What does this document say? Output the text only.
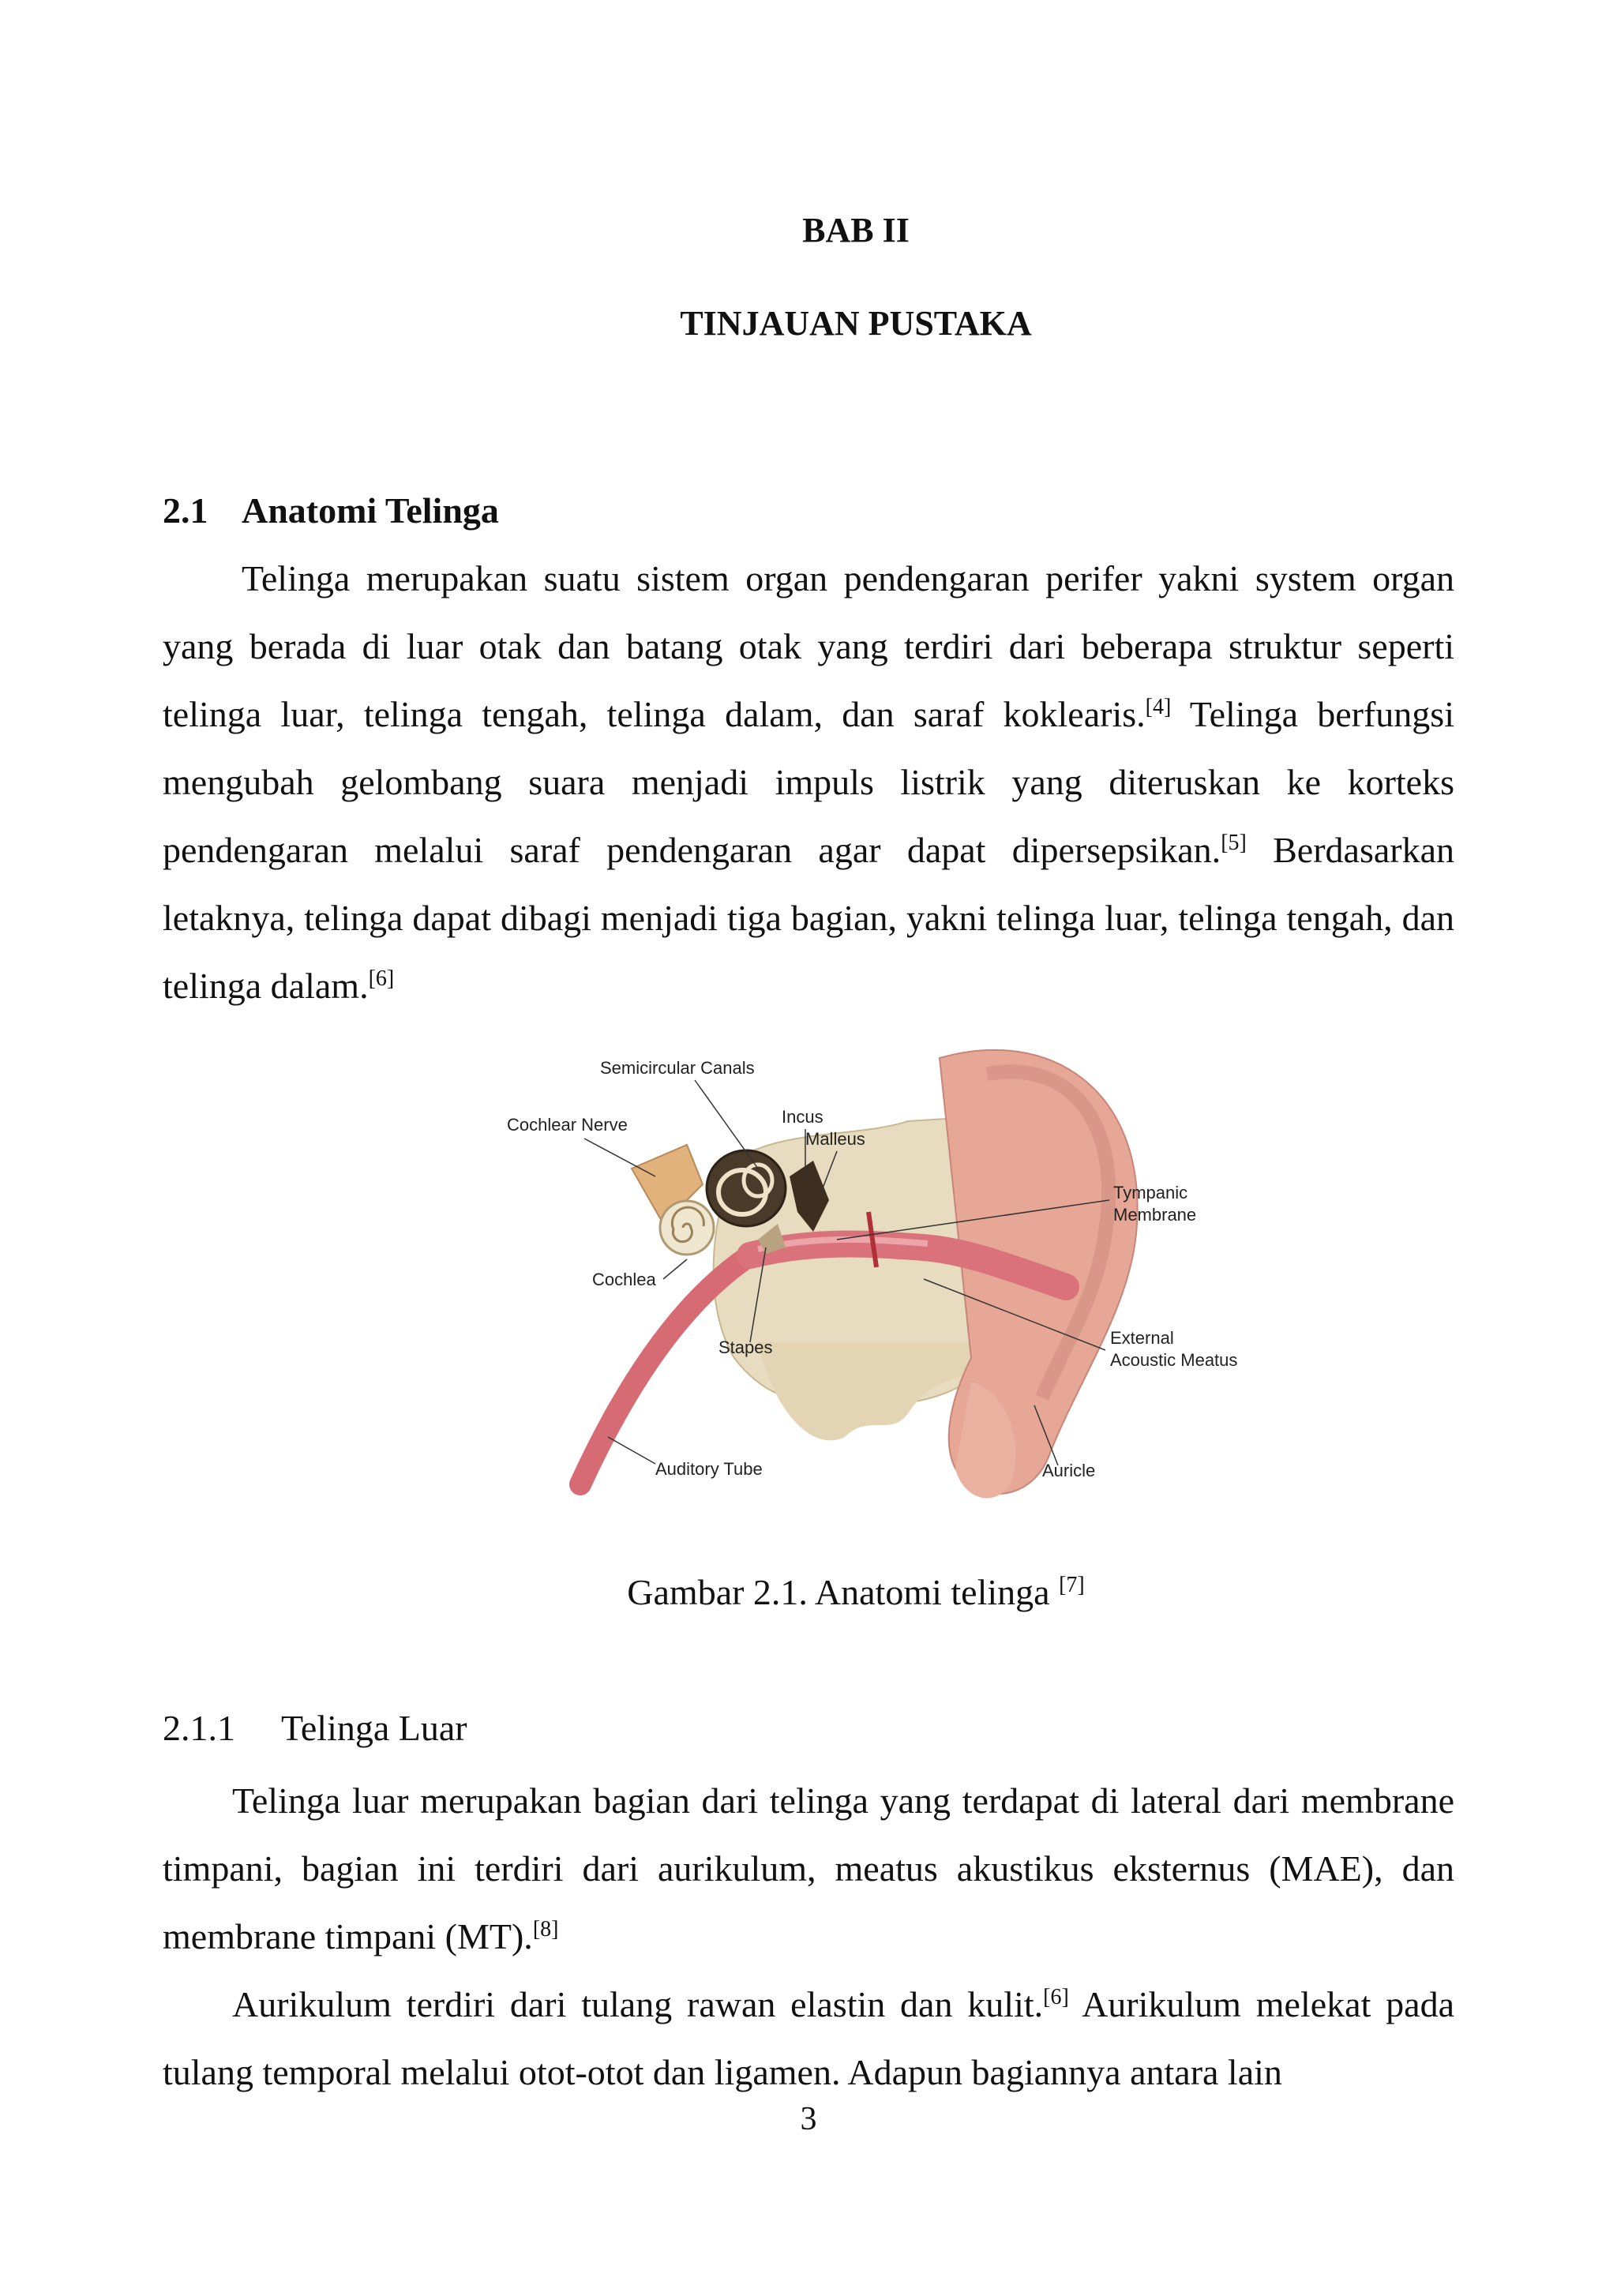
BAB II
TINJAUAN PUSTAKA
2.1 Anatomi Telinga

Telinga merupakan suatu sistem organ pendengaran perifer yakni system organ yang berada di luar otak dan batang otak yang terdiri dari beberapa struktur seperti telinga luar, telinga tengah, telinga dalam, dan saraf koklearis.[4] Telinga berfungsi mengubah gelombang suara menjadi impuls listrik yang diteruskan ke korteks pendengaran melalui saraf pendengaran agar dapat dipersepsikan.[5] Berdasarkan letaknya, telinga dapat dibagi menjadi tiga bagian, yakni telinga luar, telinga tengah, dan telinga dalam.[6]

Semicircular Canals
Cochlear Nerve	Incus
Malleus
Tympanic
Membrane
Cochlea
External
Acoustic Meatus
Stapes
Auditory Tube	Auricle
Gambar 2.1. Anatomi telinga [7]
2.1.1 Telinga Luar

Telinga luar merupakan bagian dari telinga yang terdapat di lateral dari membrane timpani, bagian ini terdiri dari aurikulum, meatus akustikus eksternus (MAE), dan membrane timpani (MT).[8]

Aurikulum terdiri dari tulang rawan elastin dan kulit.[6] Aurikulum melekat pada tulang temporal melalui otot-otot dan ligamen. Adapun bagiannya antara lain

3
